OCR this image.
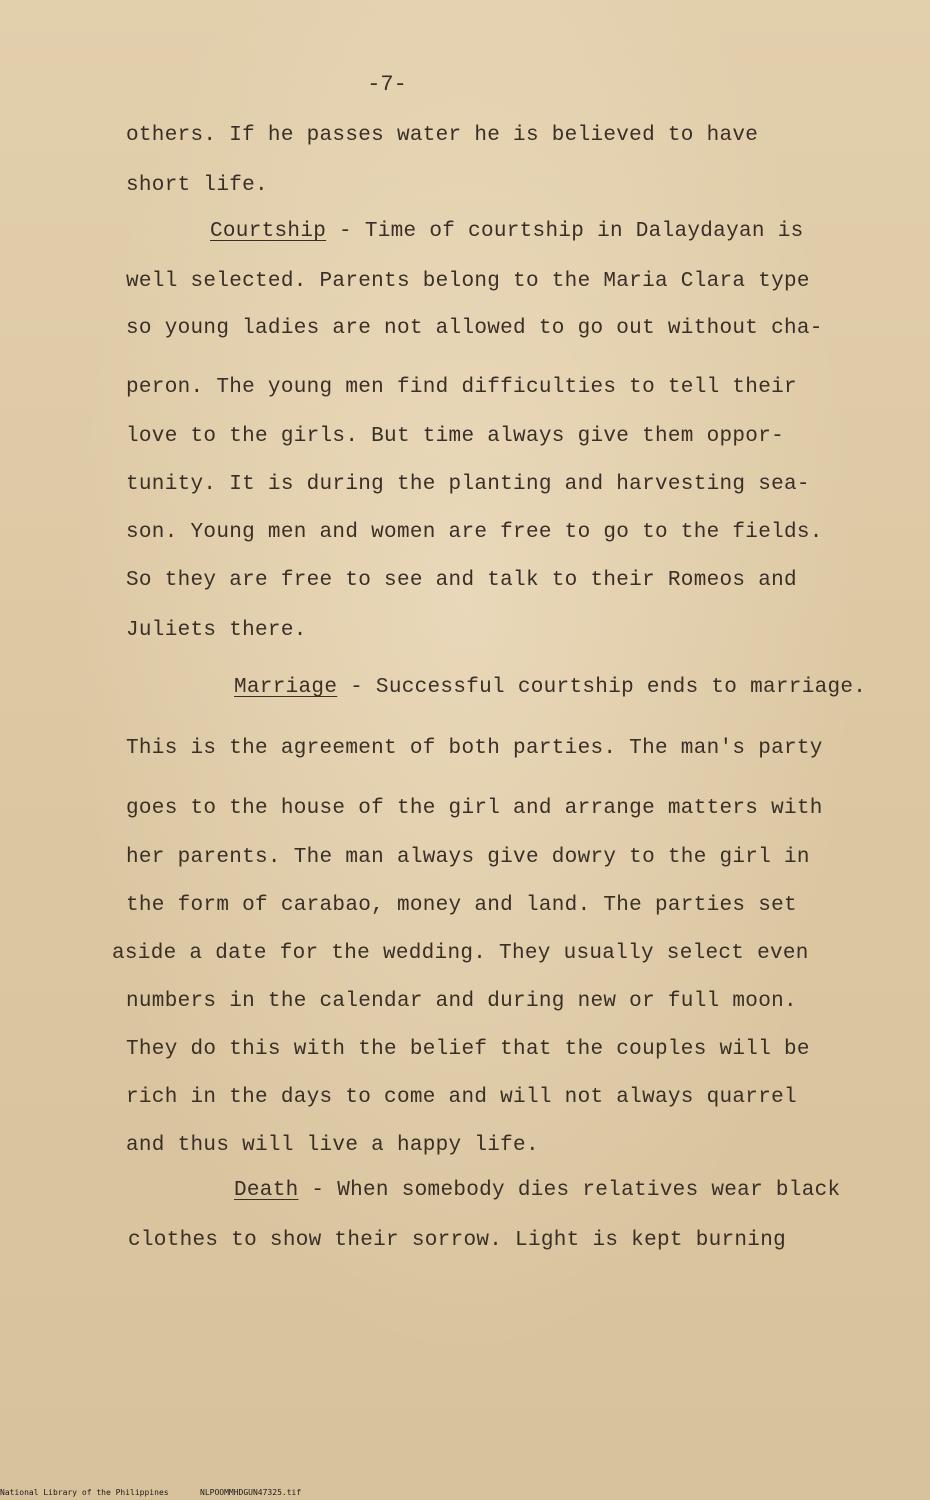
-7-
others. If he passes water he is believed to have
short life.
Courtship - Time of courtship in Dalaydayan is
well selected. Parents belong to the Maria Clara type
so young ladies are not allowed to go out without cha-
peron. The young men find difficulties to tell their
love to the girls. But time always give them oppor-
tunity. It is during the planting and harvesting sea-
son. Young men and women are free to go to the fields.
So they are free to see and talk to their Romeos and
Juliets there.
Marriage - Successful courtship ends to marriage.
This is the agreement of both parties. The man's party
goes to the house of the girl and arrange matters with
her parents. The man always give dowry to the girl in
the form of carabao, money and land. The parties set
aside a date for the wedding. They usually select even
numbers in the calendar and during new or full moon.
They do this with the belief that the couples will be
rich in the days to come and will not always quarrel
and thus will live a happy life.
Death - When somebody dies relatives wear black
clothes to show their sorrow. Light is kept burning
National Library of the Philippines	NLPOOMMHDGUN47325.tif
